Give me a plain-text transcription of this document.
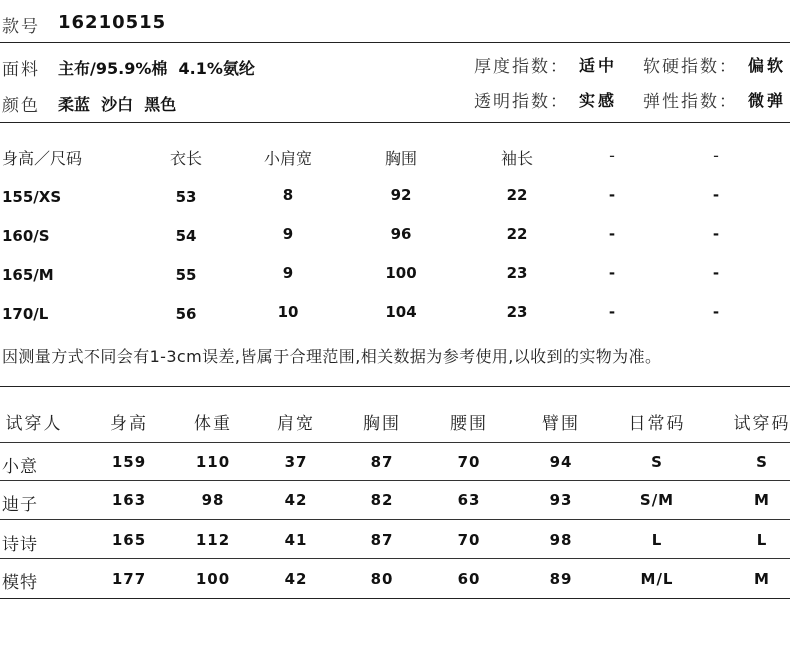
款号 16210515
面料 主布/95.9%棉  4.1%氨纶
颜色 柔蓝  沙白  黑色
厚度指数： 适中 软硬指数： 偏软
透明指数： 实感 弹性指数： 微弹
身高／尺码	衣长	小肩宽	胸围	袖长	-	-
155/XS	53	8	92	22	-	-
160/S	54	9	96	22	-	-
165/M	55	9	100	23	-	-
170/L	56	10	104	23	-	-
因测量方式不同会有1-3cm误差,皆属于合理范围,相关数据为参考使用,以收到的实物为准。
试穿人	身高	体重	肩宽	胸围	腰围	臂围	日常码	试穿码
小意	159	110	37	87	70	94	S	S
迪子	163	98	42	82	63	93	S/M	M
诗诗	165	112	41	87	70	98	L	L
模特	177	100	42	80	60	89	M/L	M
